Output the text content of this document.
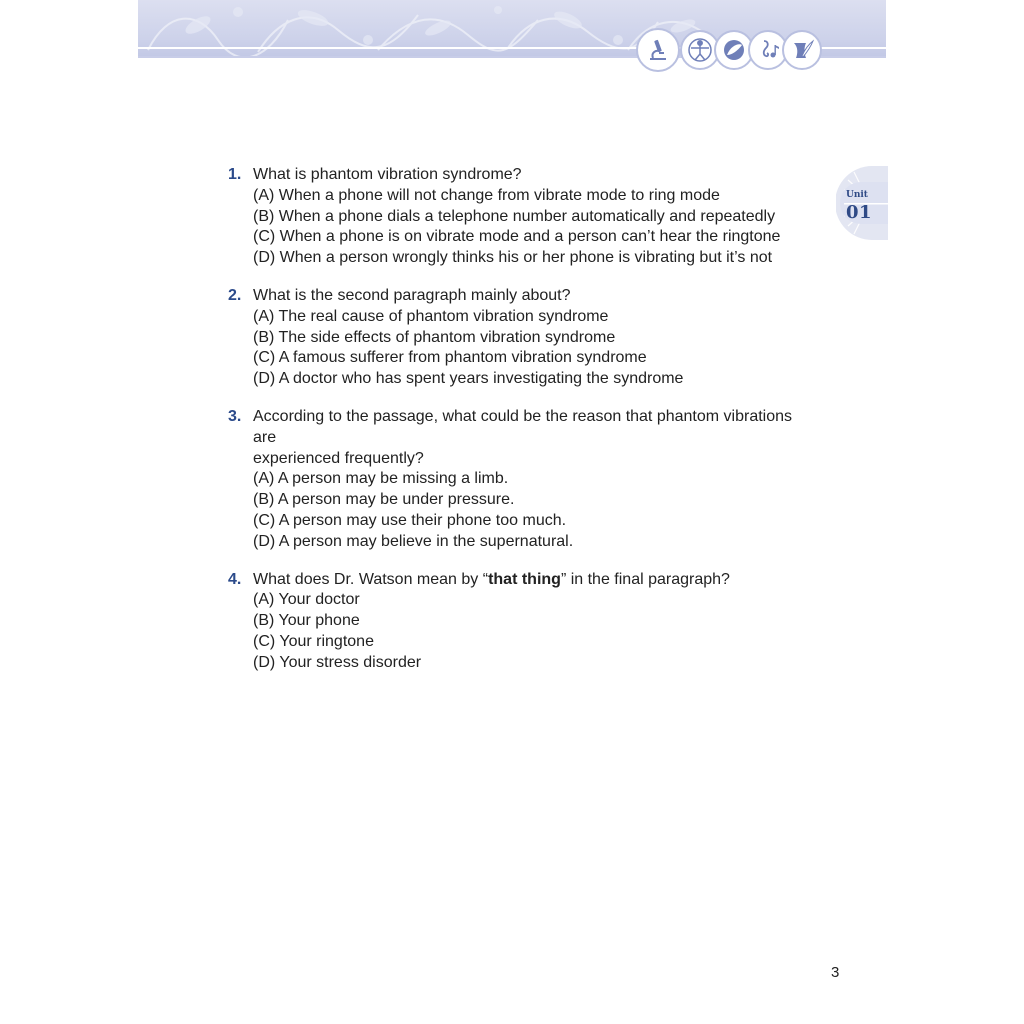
Unit
01
1. What is phantom vibration syndrome?
(A) When a phone will not change from vibrate mode to ring mode
(B) When a phone dials a telephone number automatically and repeatedly
(C) When a phone is on vibrate mode and a person can’t hear the ringtone
(D) When a person wrongly thinks his or her phone is vibrating but it’s not
2. What is the second paragraph mainly about?
(A) The real cause of phantom vibration syndrome
(B) The side effects of phantom vibration syndrome
(C) A famous sufferer from phantom vibration syndrome
(D) A doctor who has spent years investigating the syndrome
3. According to the passage, what could be the reason that phantom vibrations are
experienced frequently?
(A) A person may be missing a limb.
(B) A person may be under pressure.
(C) A person may use their phone too much.
(D) A person may believe in the supernatural.
4. What does Dr. Watson mean by “that thing” in the final paragraph?
(A) Your doctor
(B) Your phone
(C) Your ringtone
(D) Your stress disorder
3
